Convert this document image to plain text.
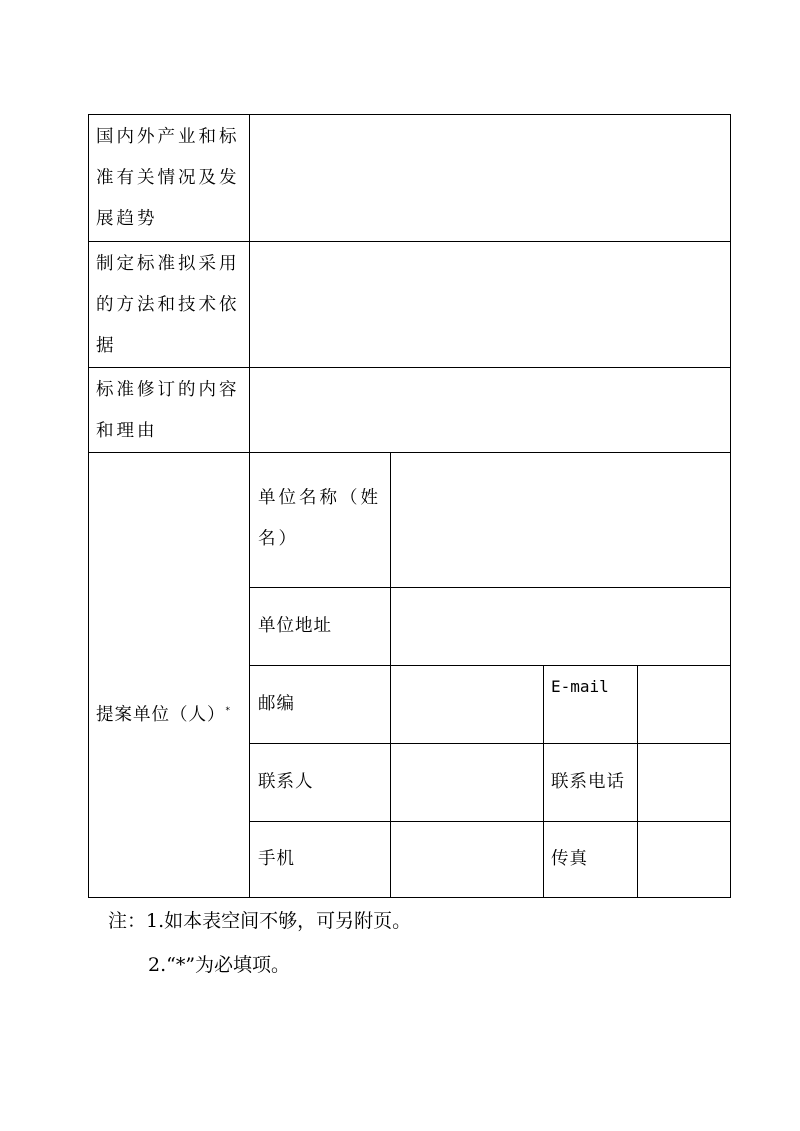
国内外产业和标
准有关情况及发
展趋势
制定标准拟采用
的方法和技术依
据
标准修订的内容
和理由

提案单位（人）*

单位名称（姓
名）
单位地址
邮编
E-mail
联系人	联系电话
手机	传真
注：1.如本表空间不够，可另附页。
2.“*”为必填项。
